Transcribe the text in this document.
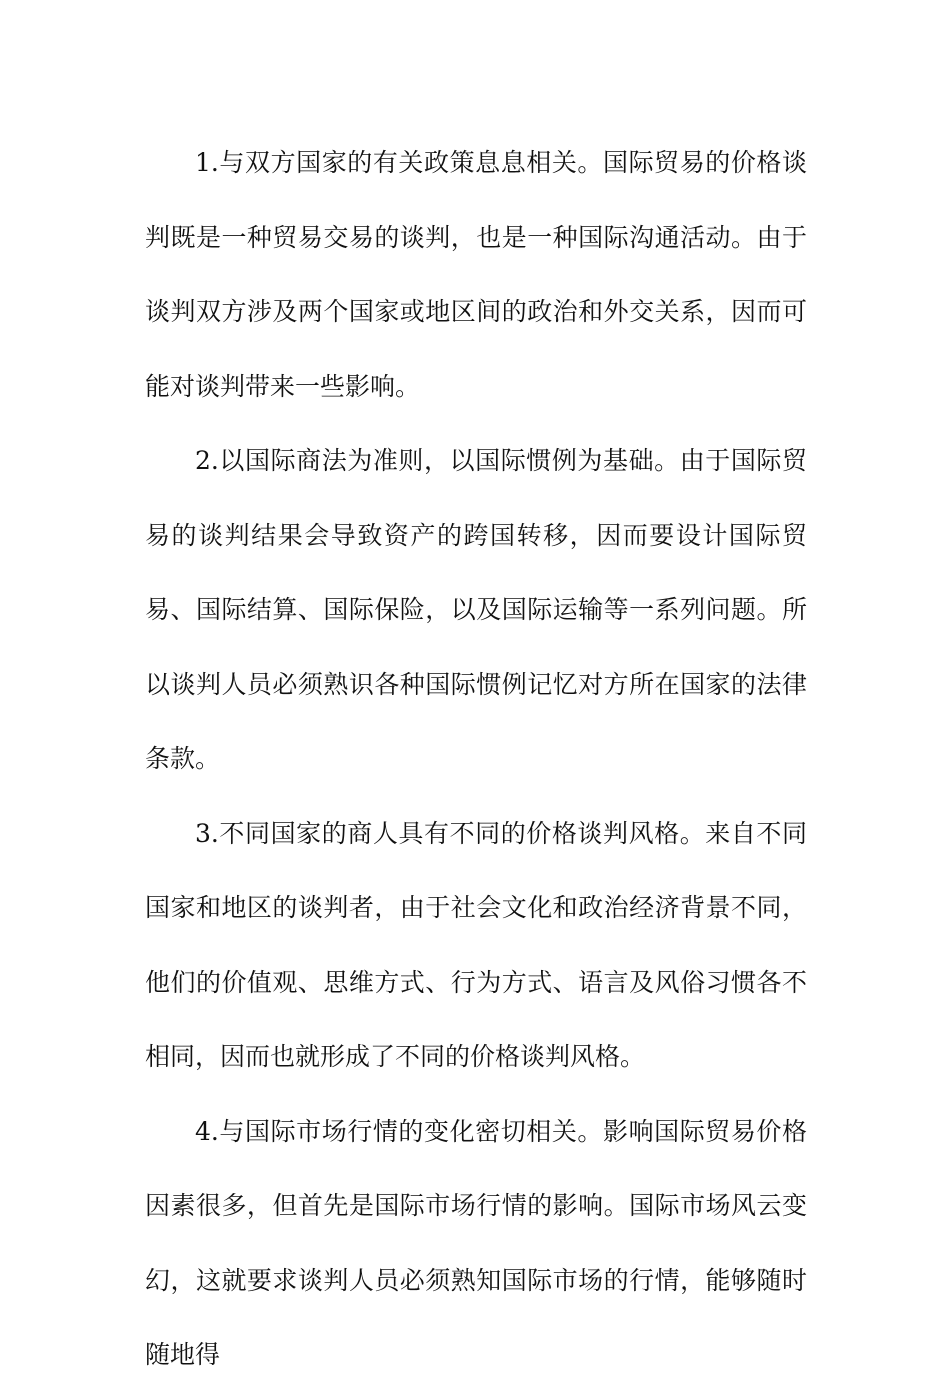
1.与双方国家的有关政策息息相关。国际贸易的价格谈判既是一种贸易交易的谈判，也是一种国际沟通活动。由于谈判双方涉及两个国家或地区间的政治和外交关系，因而可能对谈判带来一些影响。

2.以国际商法为准则，以国际惯例为基础。由于国际贸易的谈判结果会导致资产的跨国转移，因而要设计国际贸易、国际结算、国际保险，以及国际运输等一系列问题。所以谈判人员必须熟识各种国际惯例记忆对方所在国家的法律条款。

3.不同国家的商人具有不同的价格谈判风格。来自不同国家和地区的谈判者，由于社会文化和政治经济背景不同，他们的价值观、思维方式、行为方式、语言及风俗习惯各不相同，因而也就形成了不同的价格谈判风格。

4.与国际市场行情的变化密切相关。影响国际贸易价格因素很多，但首先是国际市场行情的影响。国际市场风云变幻，这就要求谈判人员必须熟知国际市场的行情，能够随时随地得
